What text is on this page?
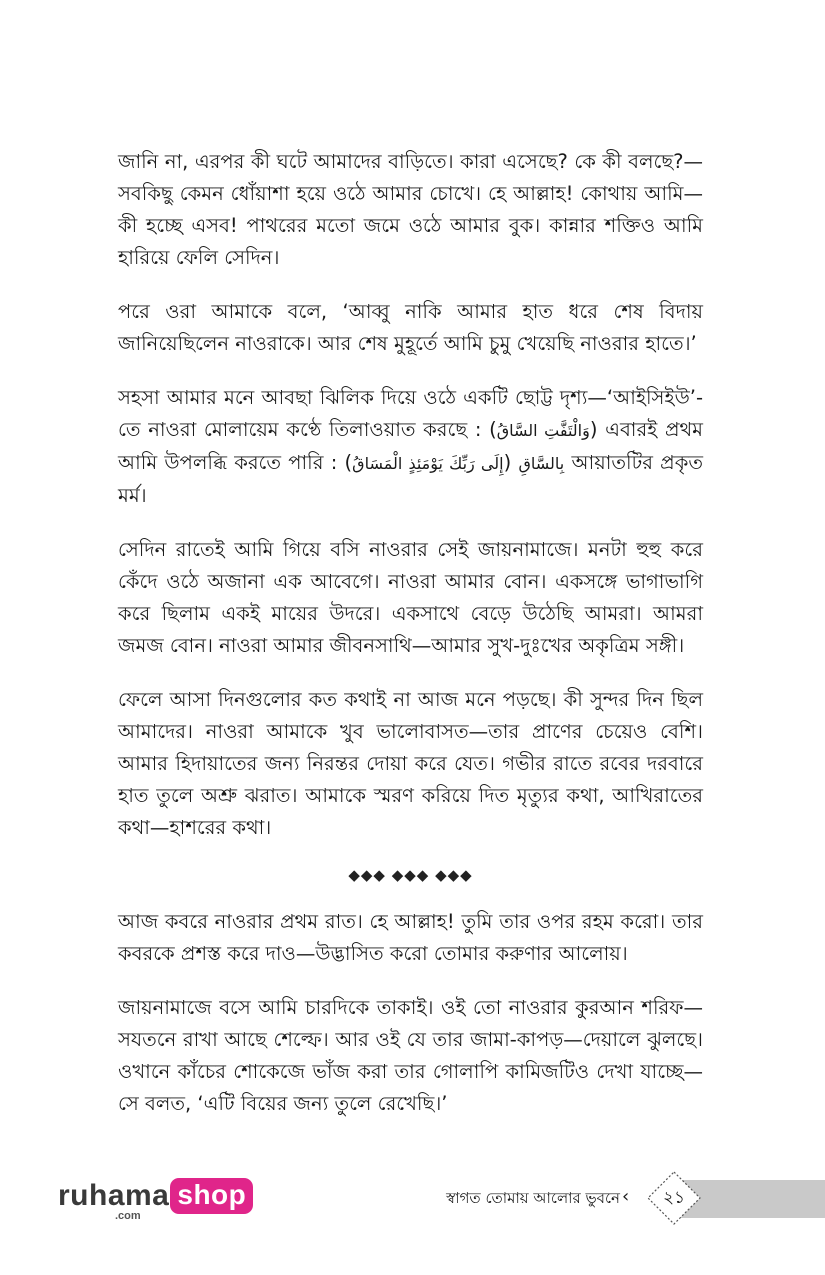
জানি না, এরপর কী ঘটে আমাদের বাড়িতে। কারা এসেছে? কে কী বলছে?—সবকিছু কেমন ধোঁয়াশা হয়ে ওঠে আমার চোখে। হে আল্লাহ! কোথায় আমি—কী হচ্ছে এসব! পাথরের মতো জমে ওঠে আমার বুক। কান্নার শক্তিও আমি হারিয়ে ফেলি সেদিন।

পরে ওরা আমাকে বলে, ‘আব্বু নাকি আমার হাত ধরে শেষ বিদায় জানিয়েছিলেন নাওরাকে। আর শেষ মুহূর্তে আমি চুমু খেয়েছি নাওরার হাতে।’

সহসা আমার মনে আবছা ঝিলিক দিয়ে ওঠে একটি ছোট্ট দৃশ্য—‘আইসিইউ’-তে নাওরা মোলায়েম কণ্ঠে তিলাওয়াত করছে : (وَالْتَفَّتِ السَّاقُ) এবারই প্রথম আমি উপলব্ধি করতে পারি : (إِلَى رَبِّكَ يَوْمَئِذٍ الْمَسَاقُ) بِالسَّاقِ আয়াতটির প্রকৃত মর্ম।

সেদিন রাতেই আমি গিয়ে বসি নাওরার সেই জায়নামাজে। মনটা হুহু করে কেঁদে ওঠে অজানা এক আবেগে। নাওরা আমার বোন। একসঙ্গে ভাগাভাগি করে ছিলাম একই মায়ের উদরে। একসাথে বেড়ে উঠেছি আমরা। আমরা জমজ বোন। নাওরা আমার জীবনসাথি—আমার সুখ-দুঃখের অকৃত্রিম সঙ্গী।

ফেলে আসা দিনগুলোর কত কথাই না আজ মনে পড়ছে। কী সুন্দর দিন ছিল আমাদের। নাওরা আমাকে খুব ভালোবাসত—তার প্রাণের চেয়েও বেশি। আমার হিদায়াতের জন্য নিরন্তর দোয়া করে যেত। গভীর রাতে রবের দরবারে হাত তুলে অশ্রু ঝরাত। আমাকে স্মরণ করিয়ে দিত মৃত্যুর কথা, আখিরাতের কথা—হাশরের কথা।

◆◆◆ ◆◆◆ ◆◆◆

আজ কবরে নাওরার প্রথম রাত। হে আল্লাহ! তুমি তার ওপর রহম করো। তার কবরকে প্রশস্ত করে দাও—উদ্ভাসিত করো তোমার করুণার আলোয়।

জায়নামাজে বসে আমি চারদিকে তাকাই। ওই তো নাওরার কুরআন শরিফ—সযতনে রাখা আছে শেল্ফে। আর ওই যে তার জামা-কাপড়—দেয়ালে ঝুলছে। ওখানে কাঁচের শোকেজে ভাঁজ করা তার গোলাপি কামিজটিও দেখা যাচ্ছে—সে বলত, ‘এটি বিয়ের জন্য তুলে রেখেছি।’

ruhama shop
.com
স্বাগত তোমায় আলোর ভুবনে ‹	২১
